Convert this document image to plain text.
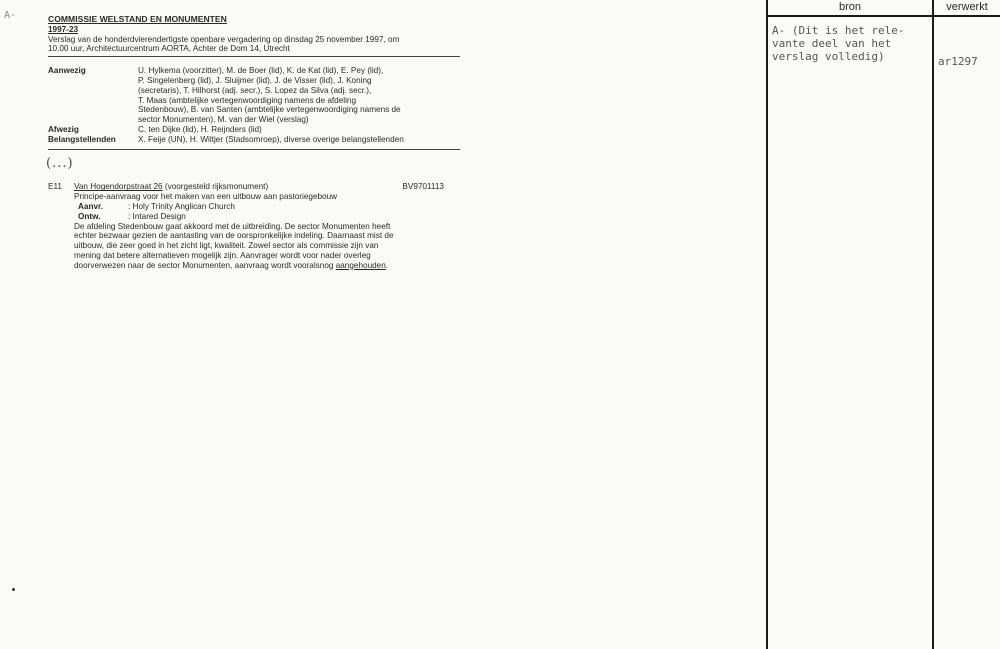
A-	COMMISSIE WELSTAND EN MONUMENTEN
1997-23
Verslag van de honderdvierendertigste openbare vergadering op dinsdag 25 november 1997, om
10.00 uur, Architectuurcentrum AORTA, Achter de Dom 14, Utrecht
Aanwezig	U. Hylkema (voorzitter), M. de Boer (lid), K. de Kat (lid), E. Pey (lid),
P. Singelenberg (lid), J. Sluijmer (lid), J. de Visser (lid), J. Koning
(secretaris), T. Hilhorst (adj. secr.), S. Lopez da Silva (adj. secr.),
T. Maas (ambtelijke vertegenwoordiging namens de afdeling
Stedenbouw), B. van Santen (ambtelijke vertegenwoordiging namens de
sector Monumenten), M. van der Wiel (verslag)
Afwezig	C. ten Dijke (lid), H. Reijnders (lid)
Belangstellenden	X. Feije (UN), H. Wiltjer (Stadsomroep), diverse overige belangstellenden
(...)
E11	Van Hogendorpstraat 26 (voorgesteld rijksmonument)	BV9701113
Principe-aanvraag voor het maken van een uitbouw aan pastoriegebouw
Aanvr.	: Holy Trinity Anglican Church
Ontw.	: Intared Design
De afdeling Stedenbouw gaat akkoord met de uitbreiding. De sector Monumenten heeft
echter bezwaar gezien de aantasting van de oorspronkelijke indeling. Daarnaast mist de
uitbouw, die zeer goed in het zicht ligt, kwaliteit. Zowel sector als commissie zijn van
mening dat betere alternatieven mogelijk zijn. Aanvrager wordt voor nader overleg
doorverwezen naar de sector Monumenten, aanvraag wordt vooralsnog aangehouden.
bron	verwerkt
A- (Dit is het rele-
vante deel van het
verslag volledig)	ar1297
